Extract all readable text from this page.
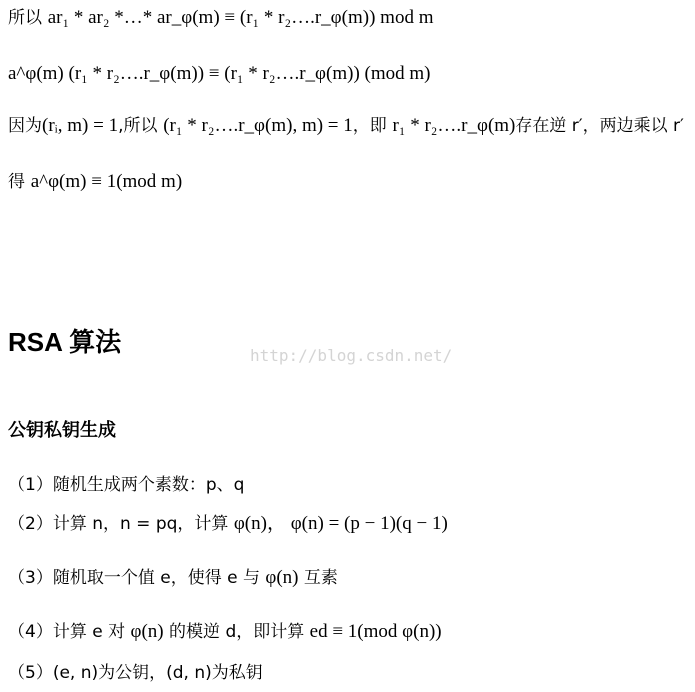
所以 ar₁ * ar₂ *…* ar_φ(m) ≡ (r₁ * r₂….r_φ(m)) mod m
a^φ(m) (r₁ * r₂….r_φ(m)) ≡ (r₁ * r₂….r_φ(m)) (mod m)
因为(rᵢ, m) = 1,所以 (r₁ * r₂….r_φ(m), m) = 1，即 r₁ * r₂….r_φ(m)存在逆 r′，两边乘以 r′
得 a^φ(m) ≡ 1(mod m)
RSA 算法	http://blog.csdn.net/
公钥私钥生成
（1）随机生成两个素数：p、q
（2）计算 n，n = pq，计算 φ(n)， φ(n) = (p − 1)(q − 1)
（3）随机取一个值 e，使得 e 与 φ(n) 互素
（4）计算 e 对 φ(n) 的模逆 d，即计算 ed ≡ 1(mod φ(n))
（5）(e, n)为公钥，(d, n)为私钥
